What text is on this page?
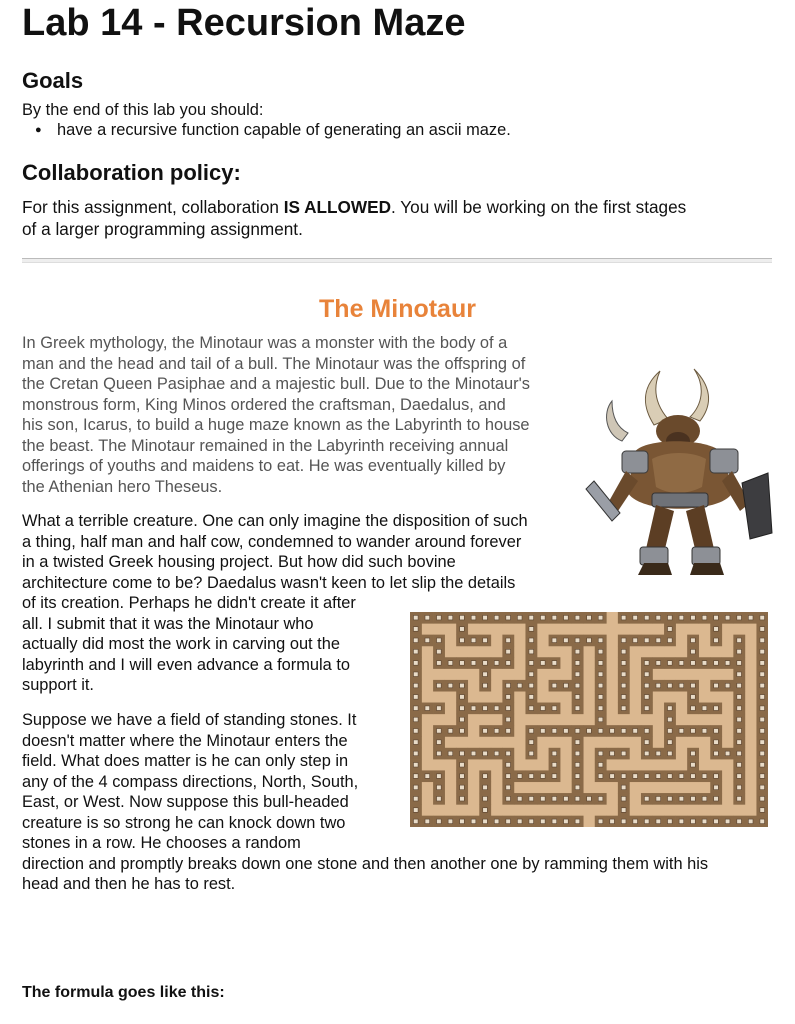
Lab 14 - Recursion Maze
Goals
By the end of this lab you should:
● have a recursive function capable of generating an ascii maze.
Collaboration policy:
For this assignment, collaboration IS ALLOWED. You will be working on the first stages
of a larger programming assignment.
The Minotaur
In Greek mythology, the Minotaur was a monster with the body of a
man and the head and tail of a bull. The Minotaur was the offspring of
the Cretan Queen Pasiphae and a majestic bull. Due to the Minotaur's
monstrous form, King Minos ordered the craftsman, Daedalus, and
his son, Icarus, to build a huge maze known as the Labyrinth to house
the beast. The Minotaur remained in the Labyrinth receiving annual
offerings of youths and maidens to eat. He was eventually killed by
the Athenian hero Theseus.
What a terrible creature. One can only imagine the disposition of such
a thing, half man and half cow, condemned to wander around forever
in a twisted Greek housing project. But how did such bovine
architecture come to be? Daedalus wasn't keen to let slip the details
of its creation. Perhaps he didn't create it after
all. I submit that it was the Minotaur who
actually did most the work in carving out the
labyrinth and I will even advance a formula to
support it.
Suppose we have a field of standing stones. It
doesn't matter where the Minotaur enters the
field. What does matter is he can only step in
any of the 4 compass directions, North, South,
East, or West. Now suppose this bull-headed
creature is so strong he can knock down two
stones in a row. He chooses a random
direction and promptly breaks down one stone and then another one by ramming them with his
head and then he has to rest.
The formula goes like this:
